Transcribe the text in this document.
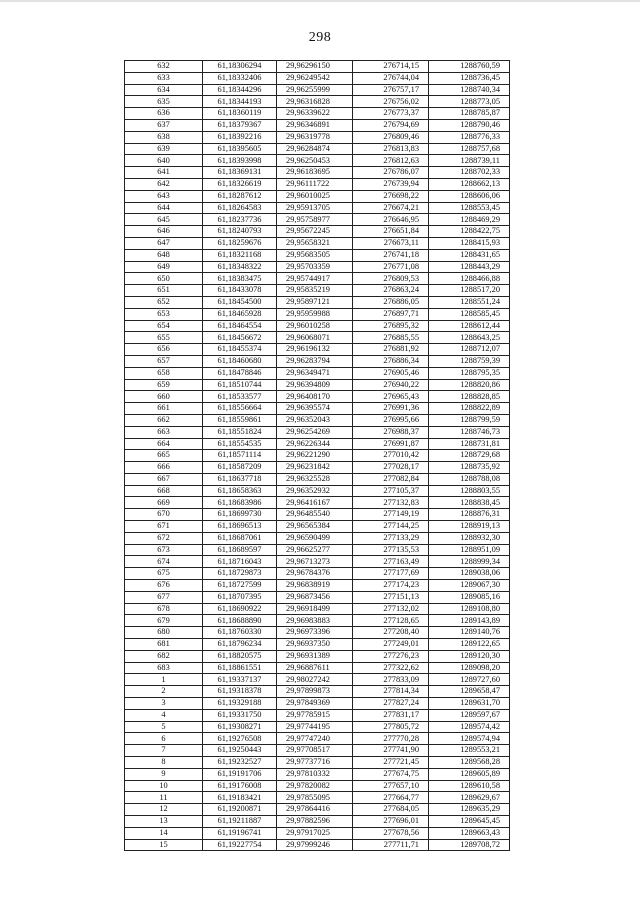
298
632	61,18306294	29,96296150	276714,15	1288760,59
633	61,18332406	29,96249542	276744,04	1288736,45
634	61,18344296	29,96255999	276757,17	1288740,34
635	61,18344193	29,96316828	276756,02	1288773,05
636	61,18360119	29,96339622	276773,37	1288785,87
637	61,18379367	29,96346891	276794,69	1288790,46
638	61,18392216	29,96319778	276809,46	1288776,33
639	61,18395605	29,96284874	276813,83	1288757,68
640	61,18393998	29,96250453	276812,63	1288739,11
641	61,18369131	29,96183695	276786,07	1288702,33
642	61,18326619	29,96111722	276739,94	1288662,13
643	61,18287612	29,96010025	276698,22	1288606,06
644	61,18264583	29,95913705	276674,21	1288553,45
645	61,18237736	29,95758977	276646,95	1288469,29
646	61,18240793	29,95672245	276651,84	1288422,75
647	61,18259676	29,95658321	276673,11	1288415,93
648	61,18321168	29,95683505	276741,18	1288431,65
649	61,18348322	29,95703359	276771,08	1288443,29
650	61,18383475	29,95744917	276809,53	1288466,88
651	61,18433078	29,95835219	276863,24	1288517,20
652	61,18454500	29,95897121	276886,05	1288551,24
653	61,18465928	29,95959988	276897,71	1288585,45
654	61,18464554	29,96010258	276895,32	1288612,44
655	61,18456672	29,96068071	276885,55	1288643,25
656	61,18455374	29,96196132	276881,92	1288712,07
657	61,18460680	29,96283794	276886,34	1288759,39
658	61,18478846	29,96349471	276905,46	1288795,35
659	61,18510744	29,96394809	276940,22	1288820,86
660	61,18533577	29,96408170	276965,43	1288828,85
661	61,18556664	29,96395574	276991,36	1288822,89
662	61,18559861	29,96352043	276995,66	1288799,59
663	61,18551824	29,96254269	276988,37	1288746,73
664	61,18554535	29,96226344	276991,87	1288731,81
665	61,18571114	29,96221290	277010,42	1288729,68
666	61,18587209	29,96231842	277028,17	1288735,92
667	61,18637718	29,96325528	277082,84	1288788,08
668	61,18658363	29,96352932	277105,37	1288803,55
669	61,18683986	29,96416167	277132,83	1288838,45
670	61,18699730	29,96485540	277149,19	1288876,31
671	61,18696513	29,96565384	277144,25	1288919,13
672	61,18687061	29,96590499	277133,29	1288932,30
673	61,18689597	29,96625277	277135,53	1288951,09
674	61,18716043	29,96713273	277163,49	1288999,34
675	61,18729873	29,96784376	277177,69	1289038,06
676	61,18727599	29,96838919	277174,23	1289067,30
677	61,18707395	29,96873456	277151,13	1289085,16
678	61,18690922	29,96918499	277132,02	1289108,80
679	61,18688890	29,96983883	277128,65	1289143,89
680	61,18760330	29,96973396	277208,40	1289140,76
681	61,18796234	29,96937350	277249,01	1289122,65
682	61,18820575	29,96931389	277276,23	1289120,30
683	61,18861551	29,96887611	277322,62	1289098,20
1	61,19337137	29,98027242	277833,09	1289727,60
2	61,19318378	29,97899873	277814,34	1289658,47
3	61,19329188	29,97849369	277827,24	1289631,70
4	61,19331750	29,97785915	277831,17	1289597,67
5	61,19308271	29,97744195	277805,72	1289574,42
6	61,19276508	29,97747240	277770,28	1289574,94
7	61,19250443	29,97708517	277741,90	1289553,21
8	61,19232527	29,97737716	277721,45	1289568,28
9	61,19191706	29,97810332	277674,75	1289605,89
10	61,19176008	29,97820082	277657,10	1289610,58
11	61,19183421	29,97855095	277664,77	1289629,67
12	61,19200871	29,97864416	277684,05	1289635,29
13	61,19211887	29,97882596	277696,01	1289645,45
14	61,19196741	29,97917025	277678,56	1289663,43
15	61,19227754	29,97999246	277711,71	1289708,72
